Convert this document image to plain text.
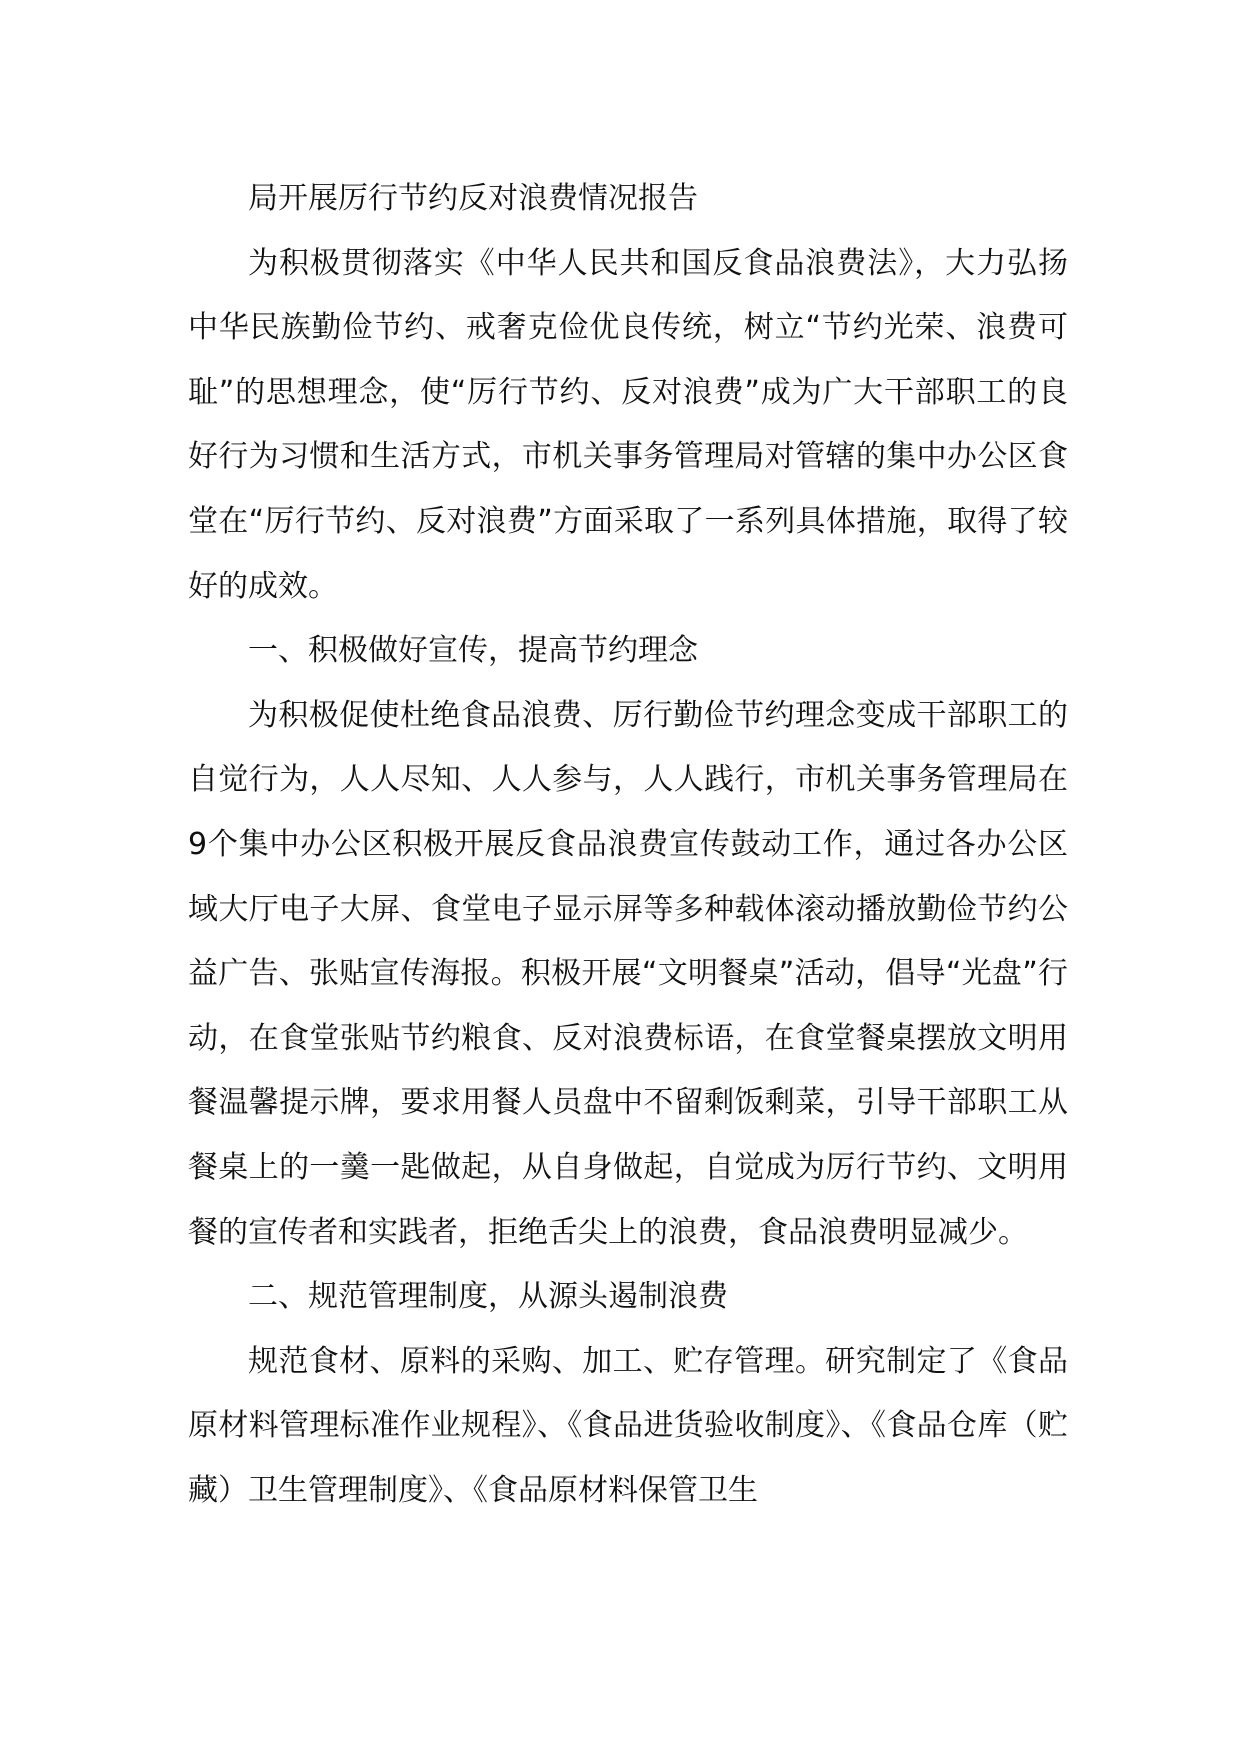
局开展厉行节约反对浪费情况报告

为积极贯彻落实《中华人民共和国反食品浪费法》，大力弘扬中华民族勤俭节约、戒奢克俭优良传统，树立“节约光荣、浪费可耻”的思想理念，使“厉行节约、反对浪费”成为广大干部职工的良好行为习惯和生活方式，市机关事务管理局对管辖的集中办公区食堂在“厉行节约、反对浪费”方面采取了一系列具体措施，取得了较好的成效。

一、积极做好宣传，提高节约理念

为积极促使杜绝食品浪费、厉行勤俭节约理念变成干部职工的自觉行为，人人尽知、人人参与，人人践行，市机关事务管理局在9个集中办公区积极开展反食品浪费宣传鼓动工作，通过各办公区域大厅电子大屏、食堂电子显示屏等多种载体滚动播放勤俭节约公益广告、张贴宣传海报。积极开展“文明餐桌”活动，倡导“光盘”行动，在食堂张贴节约粮食、反对浪费标语，在食堂餐桌摆放文明用餐温馨提示牌，要求用餐人员盘中不留剩饭剩菜，引导干部职工从餐桌上的一羹一匙做起，从自身做起，自觉成为厉行节约、文明用餐的宣传者和实践者，拒绝舌尖上的浪费，食品浪费明显减少。

二、规范管理制度，从源头遏制浪费

规范食材、原料的采购、加工、贮存管理。研究制定了《食品原材料管理标准作业规程》、《食品进货验收制度》、《食品仓库（贮藏）卫生管理制度》、《食品原材料保管卫生
